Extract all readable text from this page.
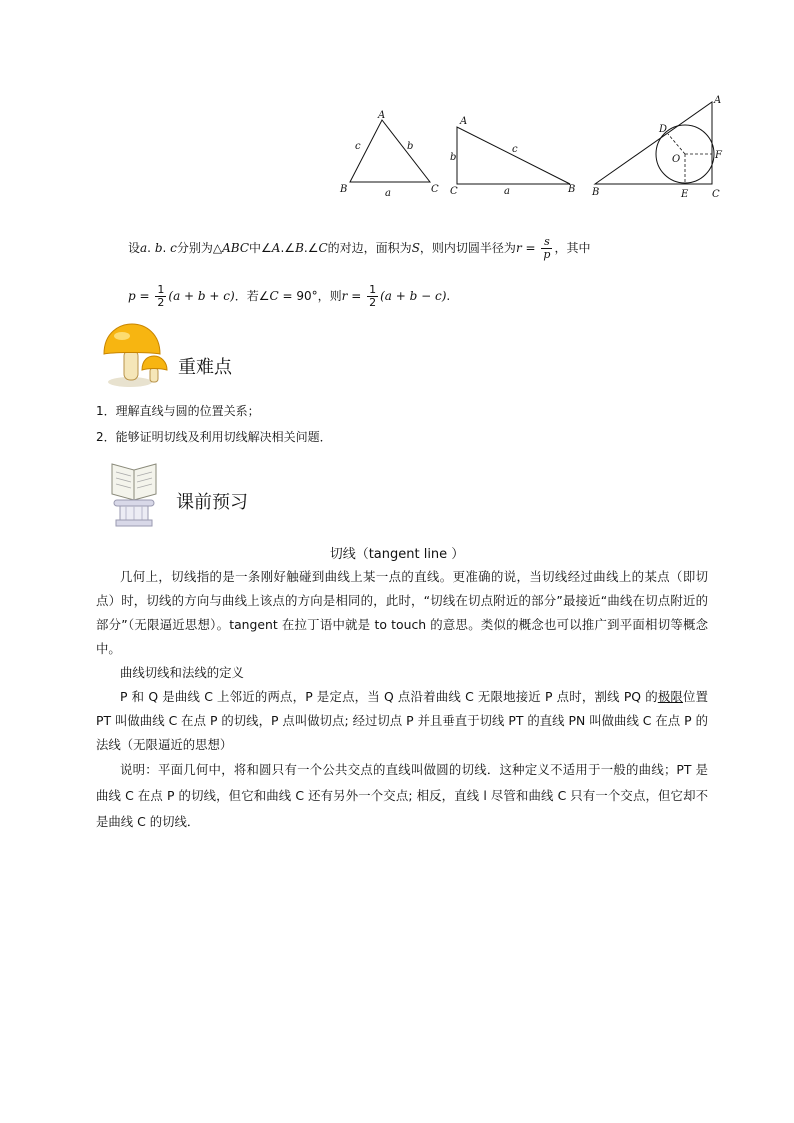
A
B	C
c	b
a
A
C	B
b
c
a
A
D
O	F
B	E C
设a. b. c分别为△ABC中∠A.∠B.∠C的对边，面积为S，则内切圆半径为$r = \frac{s}{p}$ ，其中
$p = \frac{1}{2} (a + b + c)$．若∠C = 90°，则$r = \frac{1}{2} (a + b - c)$.
重难点
1．理解直线与圆的位置关系；
2．能够证明切线及利用切线解决相关问题．
课前预习
切线（tangent line ）
几何上，切线指的是一条刚好触碰到曲线上某一点的直线。更准确的说，当切线经过曲线上的某点（即切点）时，切线的方向与曲线上该点的方向是相同的，此时，“切线在切点附近的部分”最接近“曲线在切点附近的部分”（无限逼近思想）。tangent 在拉丁语中就是 to touch 的意思。类似的概念也可以推广到平面相切等概念中。
曲线切线和法线的定义
P 和 Q 是曲线 C 上邻近的两点，P 是定点，当 Q 点沿着曲线 C 无限地接近 P 点时，割线 PQ 的极限位置 PT 叫做曲线 C 在点 P 的切线，P 点叫做切点; 经过切点 P 并且垂直于切线 PT 的直线 PN 叫做曲线 C 在点 P 的法线（无限逼近的思想）
说明：平面几何中，将和圆只有一个公共交点的直线叫做圆的切线．这种定义不适用于一般的曲线；PT 是曲线 C 在点 P 的切线，但它和曲线 C 还有另外一个交点; 相反，直线 l 尽管和曲线 C 只有一个交点，但它却不是曲线 C 的切线．
